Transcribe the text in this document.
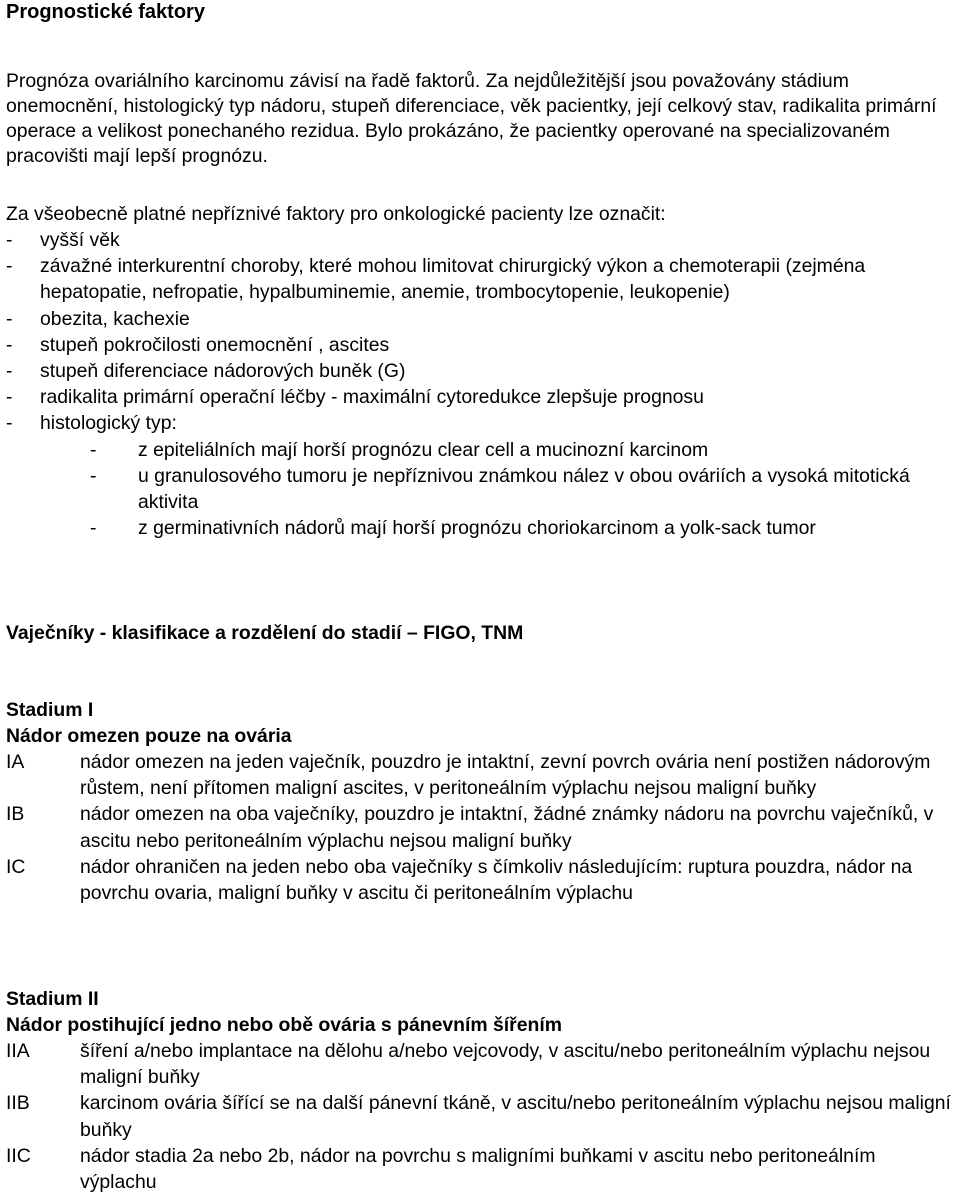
Prognostické faktory
Prognóza ovariálního karcinomu závisí na řadě faktorů. Za nejdůležitější jsou považovány stádium onemocnění, histologický typ nádoru, stupeň diferenciace, věk pacientky, její celkový stav, radikalita primární operace a velikost ponechaného rezidua. Bylo prokázáno, že pacientky operované na specializovaném pracovišti mají lepší prognózu.
Za všeobecně platné nepříznivé faktory pro onkologické pacienty lze označit:
-	vyšší věk
-	závažné interkurentní choroby, které mohou limitovat chirurgický výkon a chemoterapii (zejména hepatopatie, nefropatie, hypalbuminemie, anemie, trombocytopenie, leukopenie)
-	obezita, kachexie
-	stupeň pokročilosti onemocnění , ascites
-	stupeň diferenciace nádorových buněk (G)
-	radikalita primární operační léčby - maximální cytoredukce zlepšuje prognosu
-	histologický typ:
-	z epiteliálních mají horší prognózu clear cell a mucinozní karcinom
-	u granulosového tumoru je nepříznivou známkou nález v obou ováriích a vysoká mitotická aktivita
-	z germinativních nádorů mají horší prognózu choriokarcinom a yolk-sack tumor
Vaječníky - klasifikace a rozdělení do stadií – FIGO, TNM
Stadium I
Nádor omezen pouze na ovária
IA	nádor omezen na jeden vaječník, pouzdro je intaktní, zevní povrch ovária není postižen nádorovým růstem, není přítomen maligní ascites, v peritoneálním výplachu nejsou maligní buňky
IB	nádor omezen na oba vaječníky, pouzdro je intaktní, žádné známky nádoru na povrchu vaječníků, v ascitu nebo peritoneálním výplachu nejsou maligní buňky
IC	nádor ohraničen na jeden nebo oba vaječníky s čímkoliv následujícím: ruptura pouzdra, nádor na povrchu ovaria, maligní buňky v ascitu či peritoneálním výplachu
Stadium II
Nádor postihující jedno nebo obě ovária s pánevním šířením
IIA	šíření a/nebo implantace na dělohu a/nebo vejcovody, v ascitu/nebo peritoneálním výplachu nejsou maligní buňky
IIB	karcinom ovária šířící se na další pánevní tkáně, v ascitu/nebo peritoneálním výplachu nejsou maligní buňky
IIC	nádor stadia 2a nebo 2b, nádor na povrchu s maligními buňkami v ascitu nebo peritoneálním výplachu
